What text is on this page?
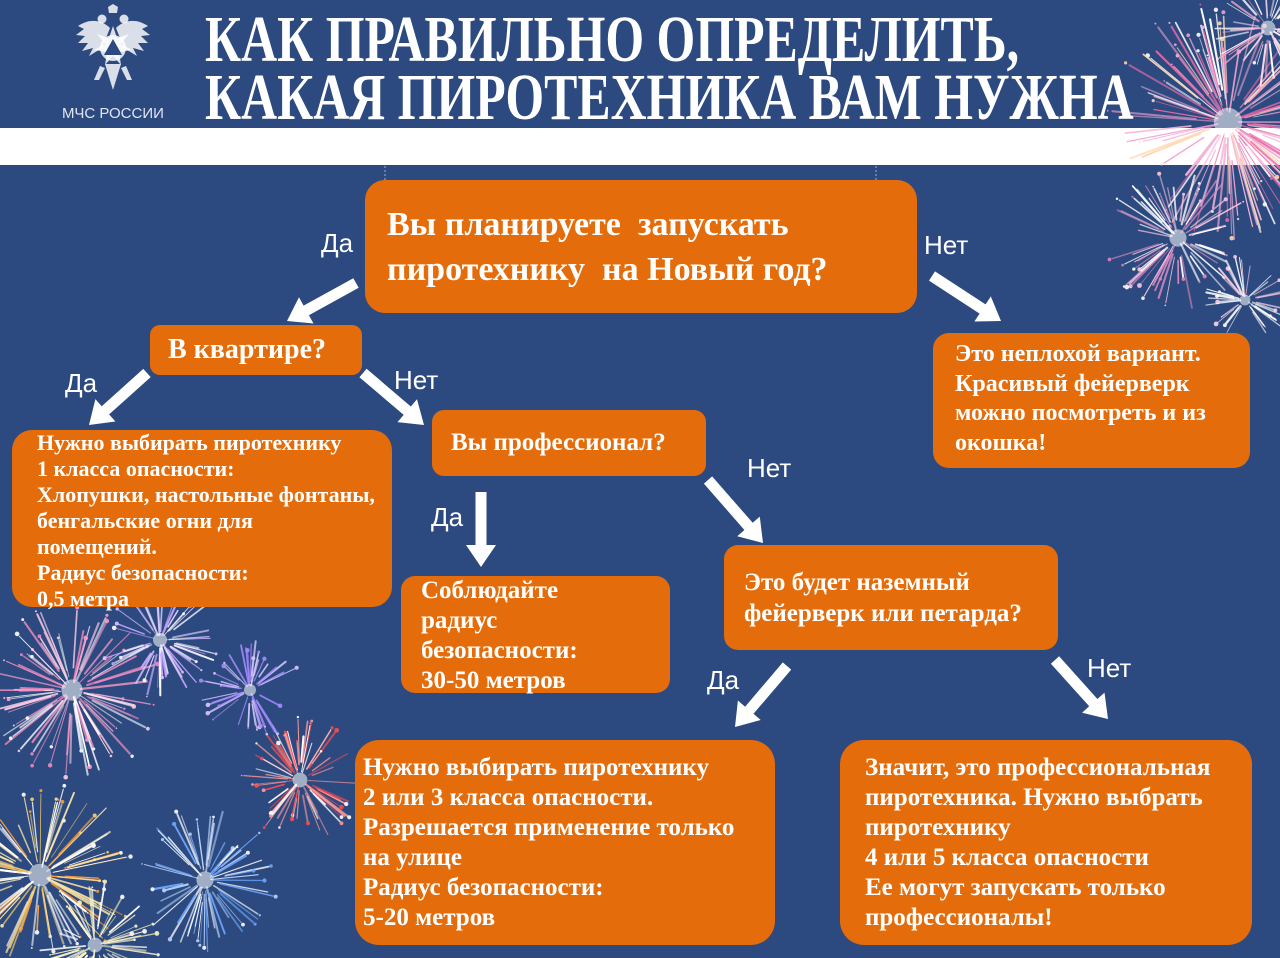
МЧС РОССИИ
КАК ПРАВИЛЬНО ОПРЕДЕЛИТЬ,
КАКАЯ ПИРОТЕХНИКА ВАМ НУЖНА
Вы планируете  запускать
пиротехнику  на Новый год?
В квартире?	Это неплохой вариант.
Красивый фейерверк
можно посмотреть и из
окошка!
Нужно выбирать пиротехнику
1 класса опасности:
Хлопушки, настольные фонтаны,
бенгальские огни для
помещений.
Радиус безопасности:
0,5 метра
Вы профессионал?
Соблюдайте
радиус
безопасности:
30-50 метров
Это будет наземный
фейерверк или петарда?
Нужно выбирать пиротехнику
2 или 3 класса опасности.
Разрешается применение только
на улице
Радиус безопасности:
5-20 метров
Значит, это профессиональная
пиротехника. Нужно выбрать
пиротехнику
4 или 5 класса опасности
Ее могут запускать только
профессионалы!
Да	Нет
Да	Нет
Да
Нет
Да	Нет
